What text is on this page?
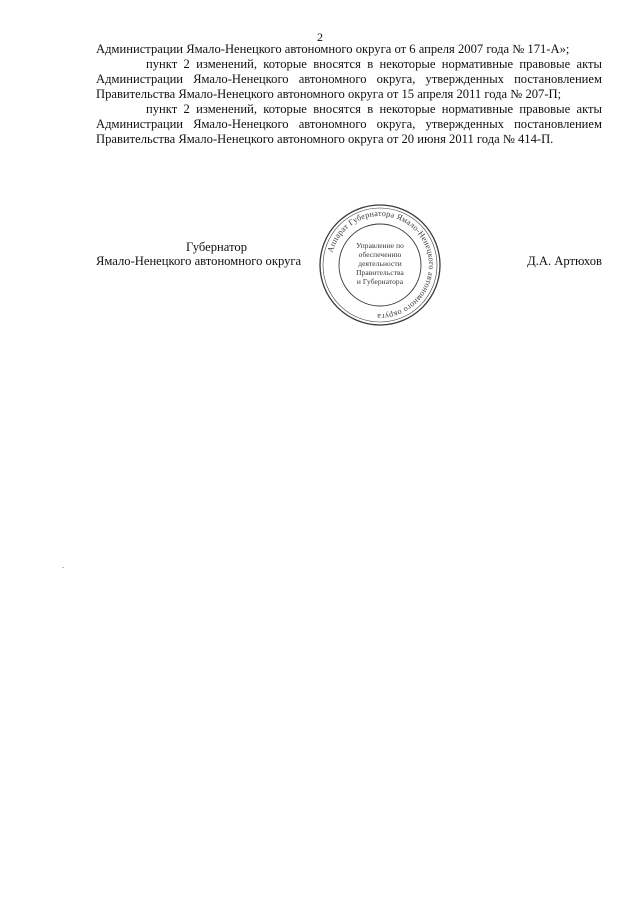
2

Администрации Ямало-Ненецкого автономного округа от 6 апреля 2007 года № 171-А»;

пункт 2 изменений, которые вносятся в некоторые нормативные правовые акты Администрации Ямало-Ненецкого автономного округа, утвержденных постановлением Правительства Ямало-Ненецкого автономного округа от 15 апреля 2011 года № 207-П;

пункт 2 изменений, которые вносятся в некоторые нормативные правовые акты Администрации Ямало-Ненецкого автономного округа, утвержденных постановлением Правительства Ямало-Ненецкого автономного округа от 20 июня 2011 года № 414-П.

Губернатор
Ямало-Ненецкого автономного округа	Д.А. Артюхов
Аппарат Губернатора Ямало-Ненецкого автономного округа
Управление по
обеспечению
деятельности
Правительства
и Губернатора
